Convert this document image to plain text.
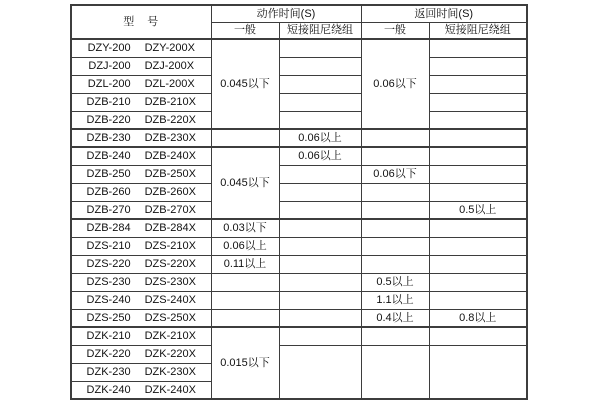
型　号	动作时间(S)		返回时间(S)	
	一般	短接阻尼绕组	一般	短接阻尼绕组

DZY-200 DZY-200X	0.045以下		0.06以下	

DZJ-200 DZJ-200X				

DZL-200 DZL-200X				

DZB-210 DZB-210X				

DZB-220 DZB-220X				

DZB-230 DZB-230X		0.06以上		

DZB-240 DZB-240X	0.045以下	0.06以上		

DZB-250 DZB-250X			0.06以下	

DZB-260 DZB-260X				

DZB-270 DZB-270X				0.5以上

DZB-284 DZB-284X	0.03以下			

DZS-210 DZS-210X	0.06以上			

DZS-220 DZS-220X	0.11以上			

DZS-230 DZS-230X			0.5以上	

DZS-240 DZS-240X			1.1以上	

DZS-250 DZS-250X			0.4以上	0.8以上

DZK-210 DZK-210X	0.015以下			

DZK-220 DZK-220X				

DZK-230 DZK-230X				

DZK-240 DZK-240X				
